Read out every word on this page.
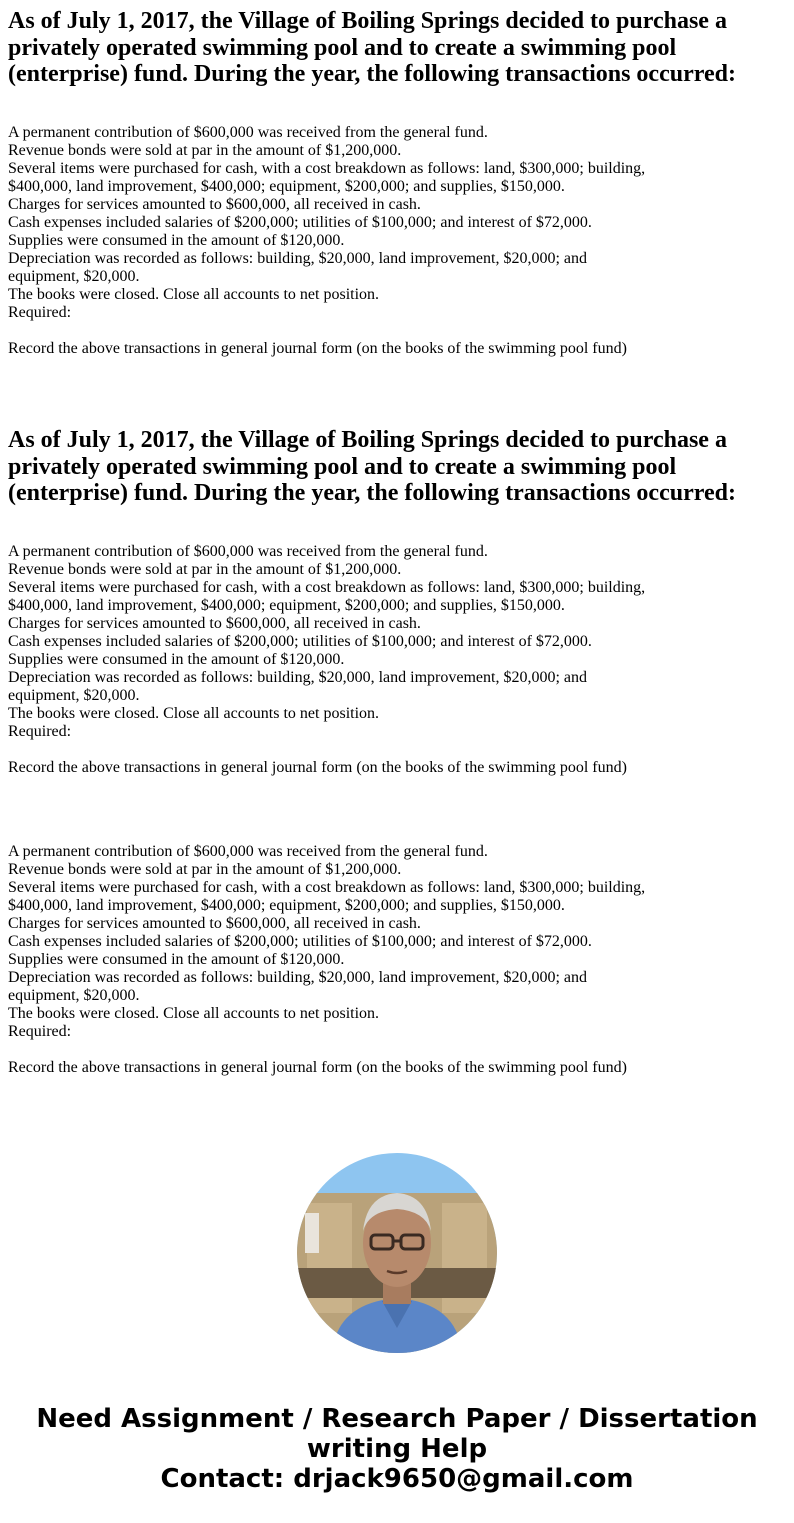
As of July 1, 2017, the Village of Boiling Springs decided to purchase a
privately operated swimming pool and to create a swimming pool
(enterprise) fund. During the year, the following transactions occurred:
A permanent contribution of $600,000 was received from the general fund.
Revenue bonds were sold at par in the amount of $1,200,000.
Several items were purchased for cash, with a cost breakdown as follows: land, $300,000; building,
$400,000, land improvement, $400,000; equipment, $200,000; and supplies, $150,000.
Charges for services amounted to $600,000, all received in cash.
Cash expenses included salaries of $200,000; utilities of $100,000; and interest of $72,000.
Supplies were consumed in the amount of $120,000.
Depreciation was recorded as follows: building, $20,000, land improvement, $20,000; and
equipment, $20,000.
The books were closed. Close all accounts to net position.
Required:
Record the above transactions in general journal form (on the books of the swimming pool fund)
As of July 1, 2017, the Village of Boiling Springs decided to purchase a
privately operated swimming pool and to create a swimming pool
(enterprise) fund. During the year, the following transactions occurred:
A permanent contribution of $600,000 was received from the general fund.
Revenue bonds were sold at par in the amount of $1,200,000.
Several items were purchased for cash, with a cost breakdown as follows: land, $300,000; building,
$400,000, land improvement, $400,000; equipment, $200,000; and supplies, $150,000.
Charges for services amounted to $600,000, all received in cash.
Cash expenses included salaries of $200,000; utilities of $100,000; and interest of $72,000.
Supplies were consumed in the amount of $120,000.
Depreciation was recorded as follows: building, $20,000, land improvement, $20,000; and
equipment, $20,000.
The books were closed. Close all accounts to net position.
Required:
Record the above transactions in general journal form (on the books of the swimming pool fund)
A permanent contribution of $600,000 was received from the general fund.
Revenue bonds were sold at par in the amount of $1,200,000.
Several items were purchased for cash, with a cost breakdown as follows: land, $300,000; building,
$400,000, land improvement, $400,000; equipment, $200,000; and supplies, $150,000.
Charges for services amounted to $600,000, all received in cash.
Cash expenses included salaries of $200,000; utilities of $100,000; and interest of $72,000.
Supplies were consumed in the amount of $120,000.
Depreciation was recorded as follows: building, $20,000, land improvement, $20,000; and
equipment, $20,000.
The books were closed. Close all accounts to net position.
Required:
Record the above transactions in general journal form (on the books of the swimming pool fund)
Need Assignment / Research Paper / Dissertation
writing Help
Contact: drjack9650@gmail.com
